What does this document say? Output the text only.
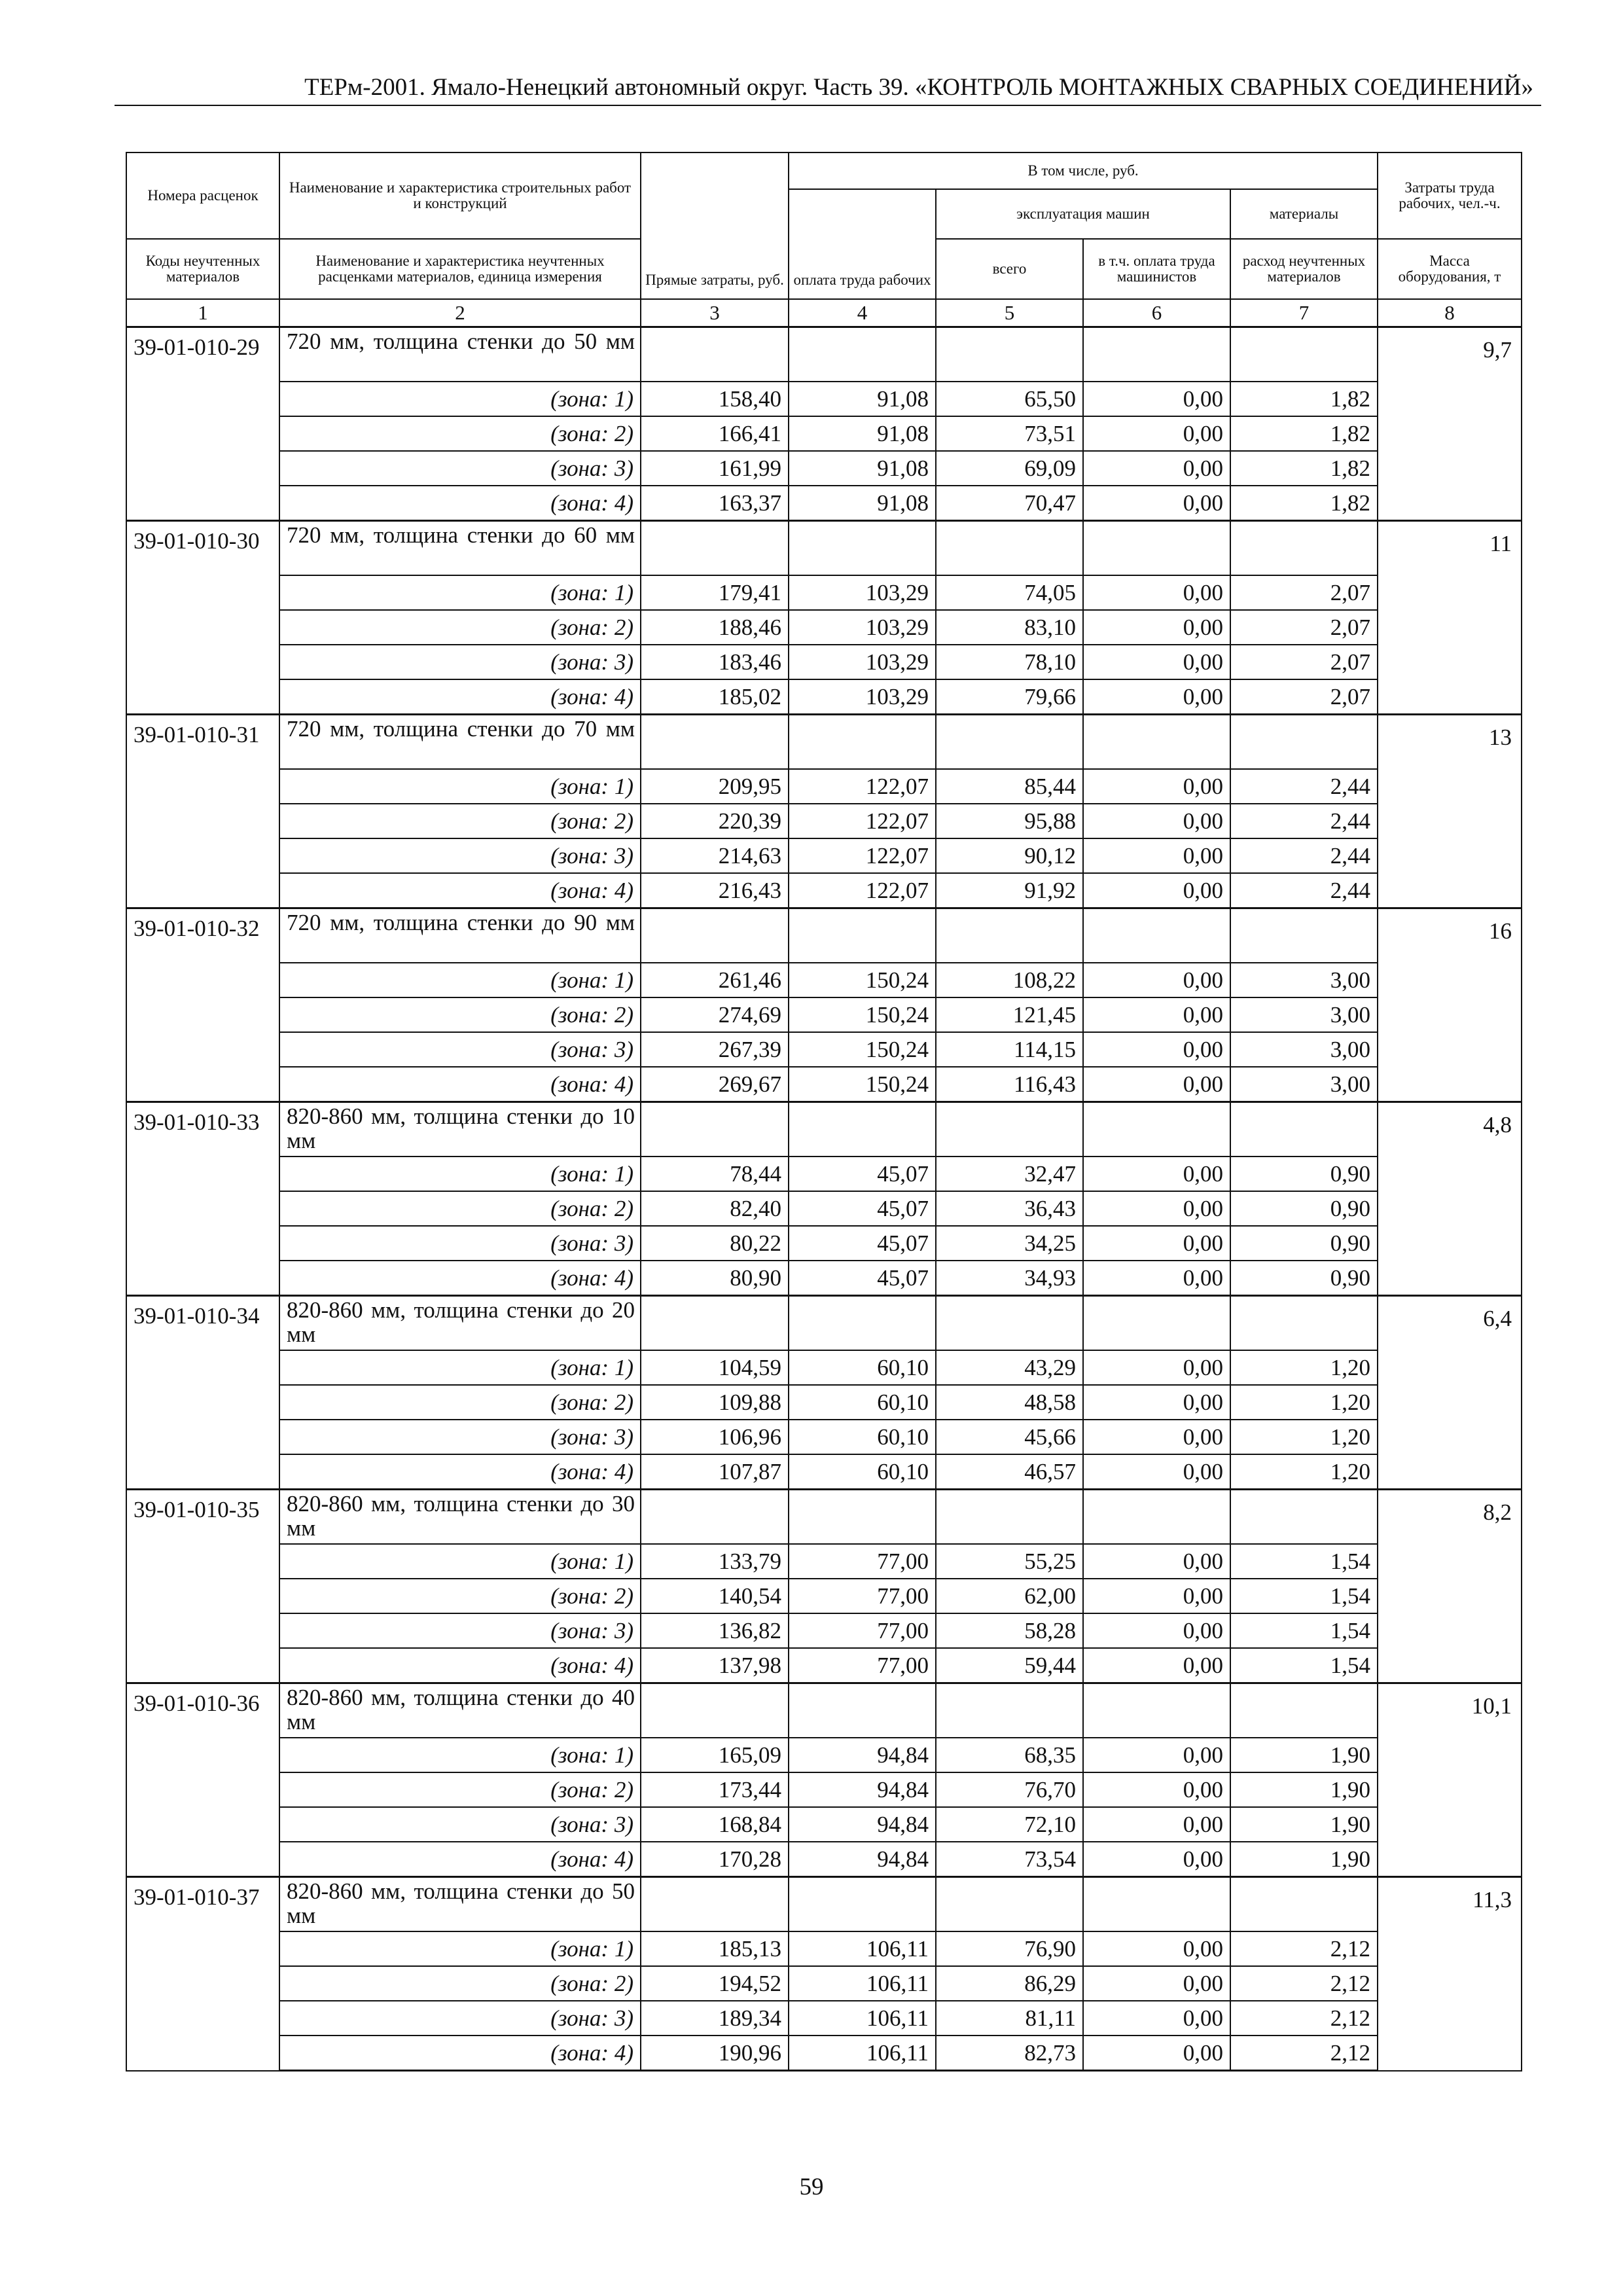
ТЕРм-2001. Ямало-Ненецкий автономный округ. Часть 39. «КОНТРОЛЬ МОНТАЖНЫХ СВАРНЫХ СОЕДИНЕНИЙ»
Номера расценок	Наименование и характеристика строительных работ и конструкций	Прямые затраты, руб.	В том числе, руб.				Затраты труда рабочих, чел.-ч.
			оплата труда рабочих	эксплуатация машин		материалы	
Коды неучтенных материалов	Наименование и характеристика неучтенных расценками материалов, единица измерения			всего	в т.ч. оплата труда машинистов	расход неучтенных материалов	Масса оборудования, т
1	2	3	4	5	6	7	8
39-01-010-29	720 мм, толщина стенки до 50 мм						9,7
	(зона: 1)	158,40	91,08	65,50	0,00	1,82	
	(зона: 2)	166,41	91,08	73,51	0,00	1,82	
	(зона: 3)	161,99	91,08	69,09	0,00	1,82	
	(зона: 4)	163,37	91,08	70,47	0,00	1,82	
39-01-010-30	720 мм, толщина стенки до 60 мм						11
	(зона: 1)	179,41	103,29	74,05	0,00	2,07	
	(зона: 2)	188,46	103,29	83,10	0,00	2,07	
	(зона: 3)	183,46	103,29	78,10	0,00	2,07	
	(зона: 4)	185,02	103,29	79,66	0,00	2,07	
39-01-010-31	720 мм, толщина стенки до 70 мм						13
	(зона: 1)	209,95	122,07	85,44	0,00	2,44	
	(зона: 2)	220,39	122,07	95,88	0,00	2,44	
	(зона: 3)	214,63	122,07	90,12	0,00	2,44	
	(зона: 4)	216,43	122,07	91,92	0,00	2,44	
39-01-010-32	720 мм, толщина стенки до 90 мм						16
	(зона: 1)	261,46	150,24	108,22	0,00	3,00	
	(зона: 2)	274,69	150,24	121,45	0,00	3,00	
	(зона: 3)	267,39	150,24	114,15	0,00	3,00	
	(зона: 4)	269,67	150,24	116,43	0,00	3,00	
39-01-010-33	820-860 мм, толщина стенки до 10 мм						4,8
	(зона: 1)	78,44	45,07	32,47	0,00	0,90	
	(зона: 2)	82,40	45,07	36,43	0,00	0,90	
	(зона: 3)	80,22	45,07	34,25	0,00	0,90	
	(зона: 4)	80,90	45,07	34,93	0,00	0,90	
39-01-010-34	820-860 мм, толщина стенки до 20 мм						6,4
	(зона: 1)	104,59	60,10	43,29	0,00	1,20	
	(зона: 2)	109,88	60,10	48,58	0,00	1,20	
	(зона: 3)	106,96	60,10	45,66	0,00	1,20	
	(зона: 4)	107,87	60,10	46,57	0,00	1,20	
39-01-010-35	820-860 мм, толщина стенки до 30 мм						8,2
	(зона: 1)	133,79	77,00	55,25	0,00	1,54	
	(зона: 2)	140,54	77,00	62,00	0,00	1,54	
	(зона: 3)	136,82	77,00	58,28	0,00	1,54	
	(зона: 4)	137,98	77,00	59,44	0,00	1,54	
39-01-010-36	820-860 мм, толщина стенки до 40 мм						10,1
	(зона: 1)	165,09	94,84	68,35	0,00	1,90	
	(зона: 2)	173,44	94,84	76,70	0,00	1,90	
	(зона: 3)	168,84	94,84	72,10	0,00	1,90	
	(зона: 4)	170,28	94,84	73,54	0,00	1,90	
39-01-010-37	820-860 мм, толщина стенки до 50 мм						11,3
	(зона: 1)	185,13	106,11	76,90	0,00	2,12	
	(зона: 2)	194,52	106,11	86,29	0,00	2,12	
	(зона: 3)	189,34	106,11	81,11	0,00	2,12	
	(зона: 4)	190,96	106,11	82,73	0,00	2,12	
59
